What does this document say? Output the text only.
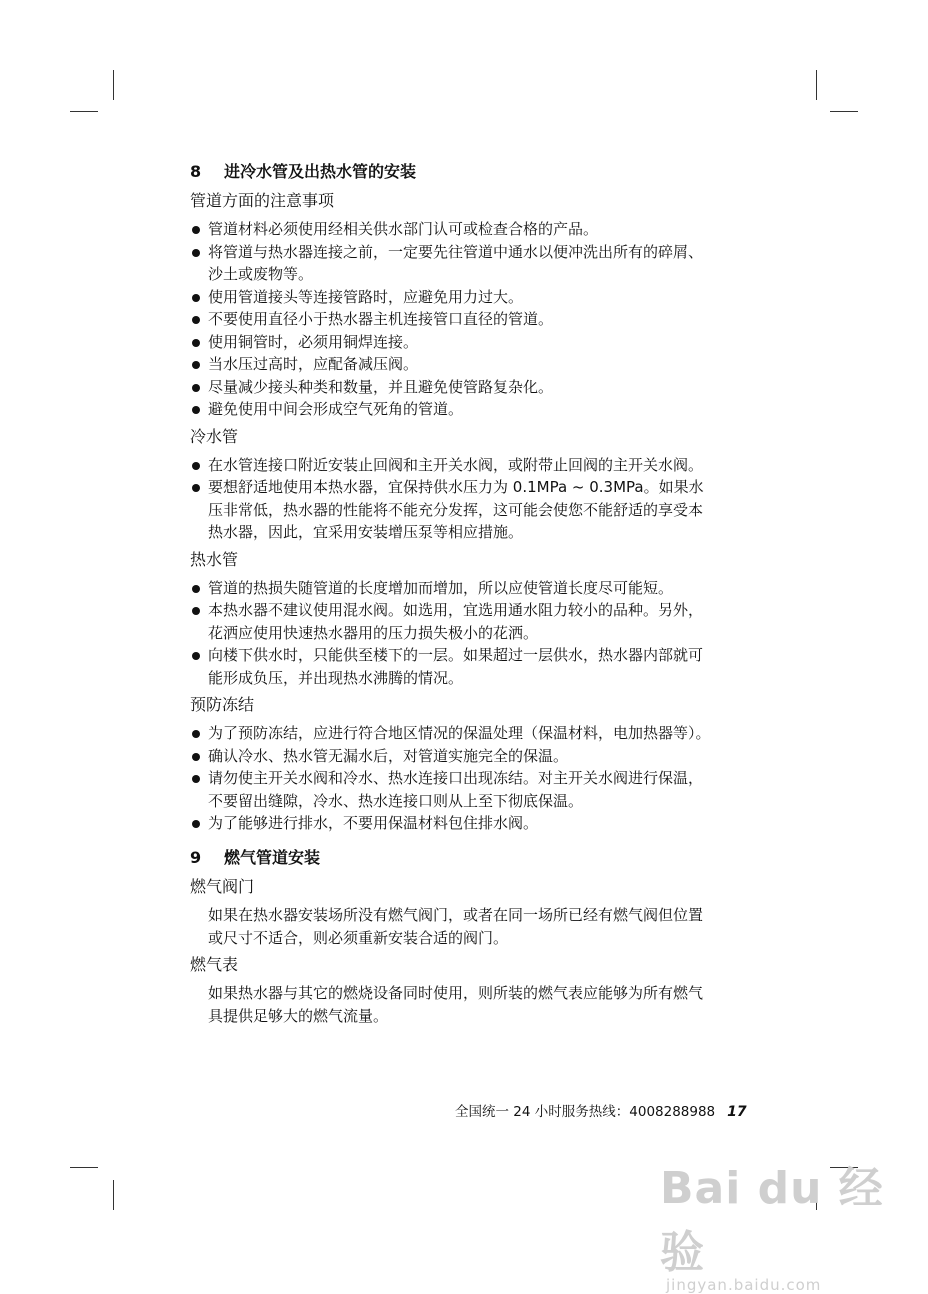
8 进冷水管及出热水管的安装
管道方面的注意事项
管道材料必须使用经相关供水部门认可或检查合格的产品。
将管道与热水器连接之前，一定要先往管道中通水以便冲洗出所有的碎屑、
沙土或废物等。
使用管道接头等连接管路时，应避免用力过大。
不要使用直径小于热水器主机连接管口直径的管道。
使用铜管时，必须用铜焊连接。
当水压过高时，应配备减压阀。
尽量减少接头种类和数量，并且避免使管路复杂化。
避免使用中间会形成空气死角的管道。
冷水管
在水管连接口附近安装止回阀和主开关水阀，或附带止回阀的主开关水阀。
要想舒适地使用本热水器，宜保持供水压力为 0.1MPa ~ 0.3MPa。如果水
压非常低，热水器的性能将不能充分发挥，这可能会使您不能舒适的享受本
热水器，因此，宜采用安装增压泵等相应措施。
热水管
管道的热损失随管道的长度增加而增加，所以应使管道长度尽可能短。
本热水器不建议使用混水阀。如选用，宜选用通水阻力较小的品种。另外，
花洒应使用快速热水器用的压力损失极小的花洒。
向楼下供水时，只能供至楼下的一层。如果超过一层供水，热水器内部就可
能形成负压，并出现热水沸腾的情况。
预防冻结
为了预防冻结，应进行符合地区情况的保温处理（保温材料，电加热器等）。
确认冷水、热水管无漏水后，对管道实施完全的保温。
请勿使主开关水阀和冷水、热水连接口出现冻结。对主开关水阀进行保温，
不要留出缝隙，冷水、热水连接口则从上至下彻底保温。
为了能够进行排水，不要用保温材料包住排水阀。
9 燃气管道安装
燃气阀门
如果在热水器安装场所没有燃气阀门，或者在同一场所已经有燃气阀但位置
或尺寸不适合，则必须重新安装合适的阀门。
燃气表
如果热水器与其它的燃烧设备同时使用，则所装的燃气表应能够为所有燃气
具提供足够大的燃气流量。
全国统一 24 小时服务热线：4008288988 17
Bai du 经验
jingyan.baidu.com
